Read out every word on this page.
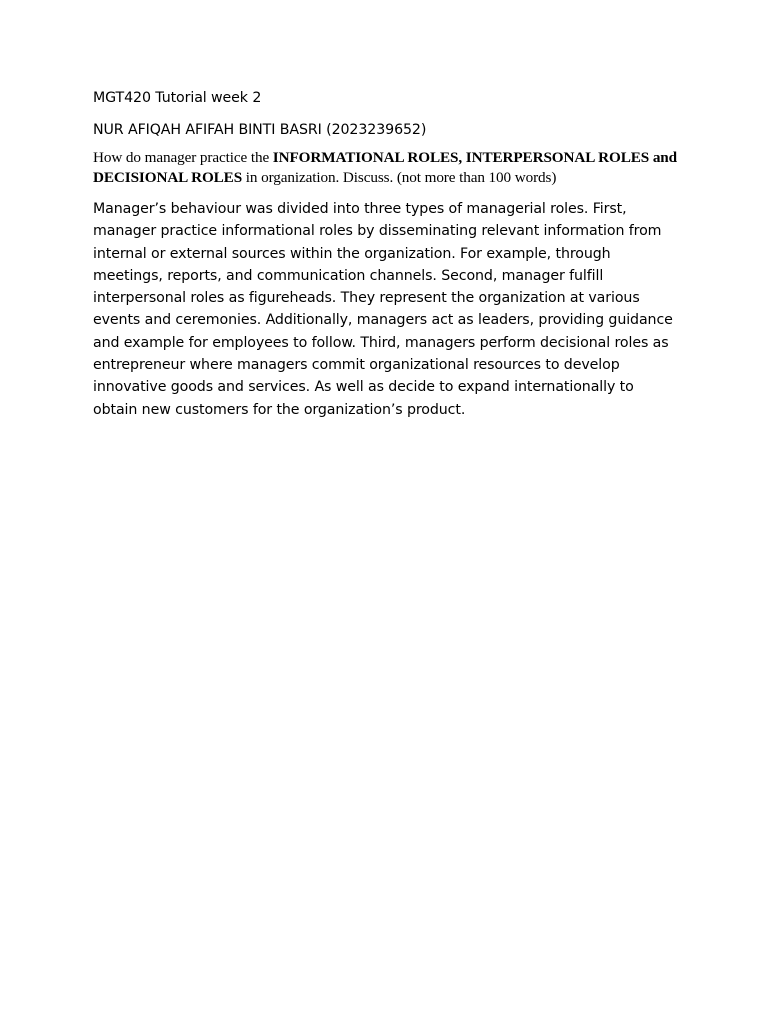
MGT420 Tutorial week 2

NUR AFIQAH AFIFAH BINTI BASRI (2023239652)

How do manager practice the INFORMATIONAL ROLES, INTERPERSONAL ROLES and DECISIONAL ROLES in organization. Discuss. (not more than 100 words)

Manager’s behaviour was divided into three types of managerial roles. First, manager practice informational roles by disseminating relevant information from internal or external sources within the organization. For example, through meetings, reports, and communication channels. Second, manager fulfill interpersonal roles as figureheads. They represent the organization at various events and ceremonies. Additionally, managers act as leaders, providing guidance and example for employees to follow. Third, managers perform decisional roles as entrepreneur where managers commit organizational resources to develop innovative goods and services. As well as decide to expand internationally to obtain new customers for the organization’s product.
